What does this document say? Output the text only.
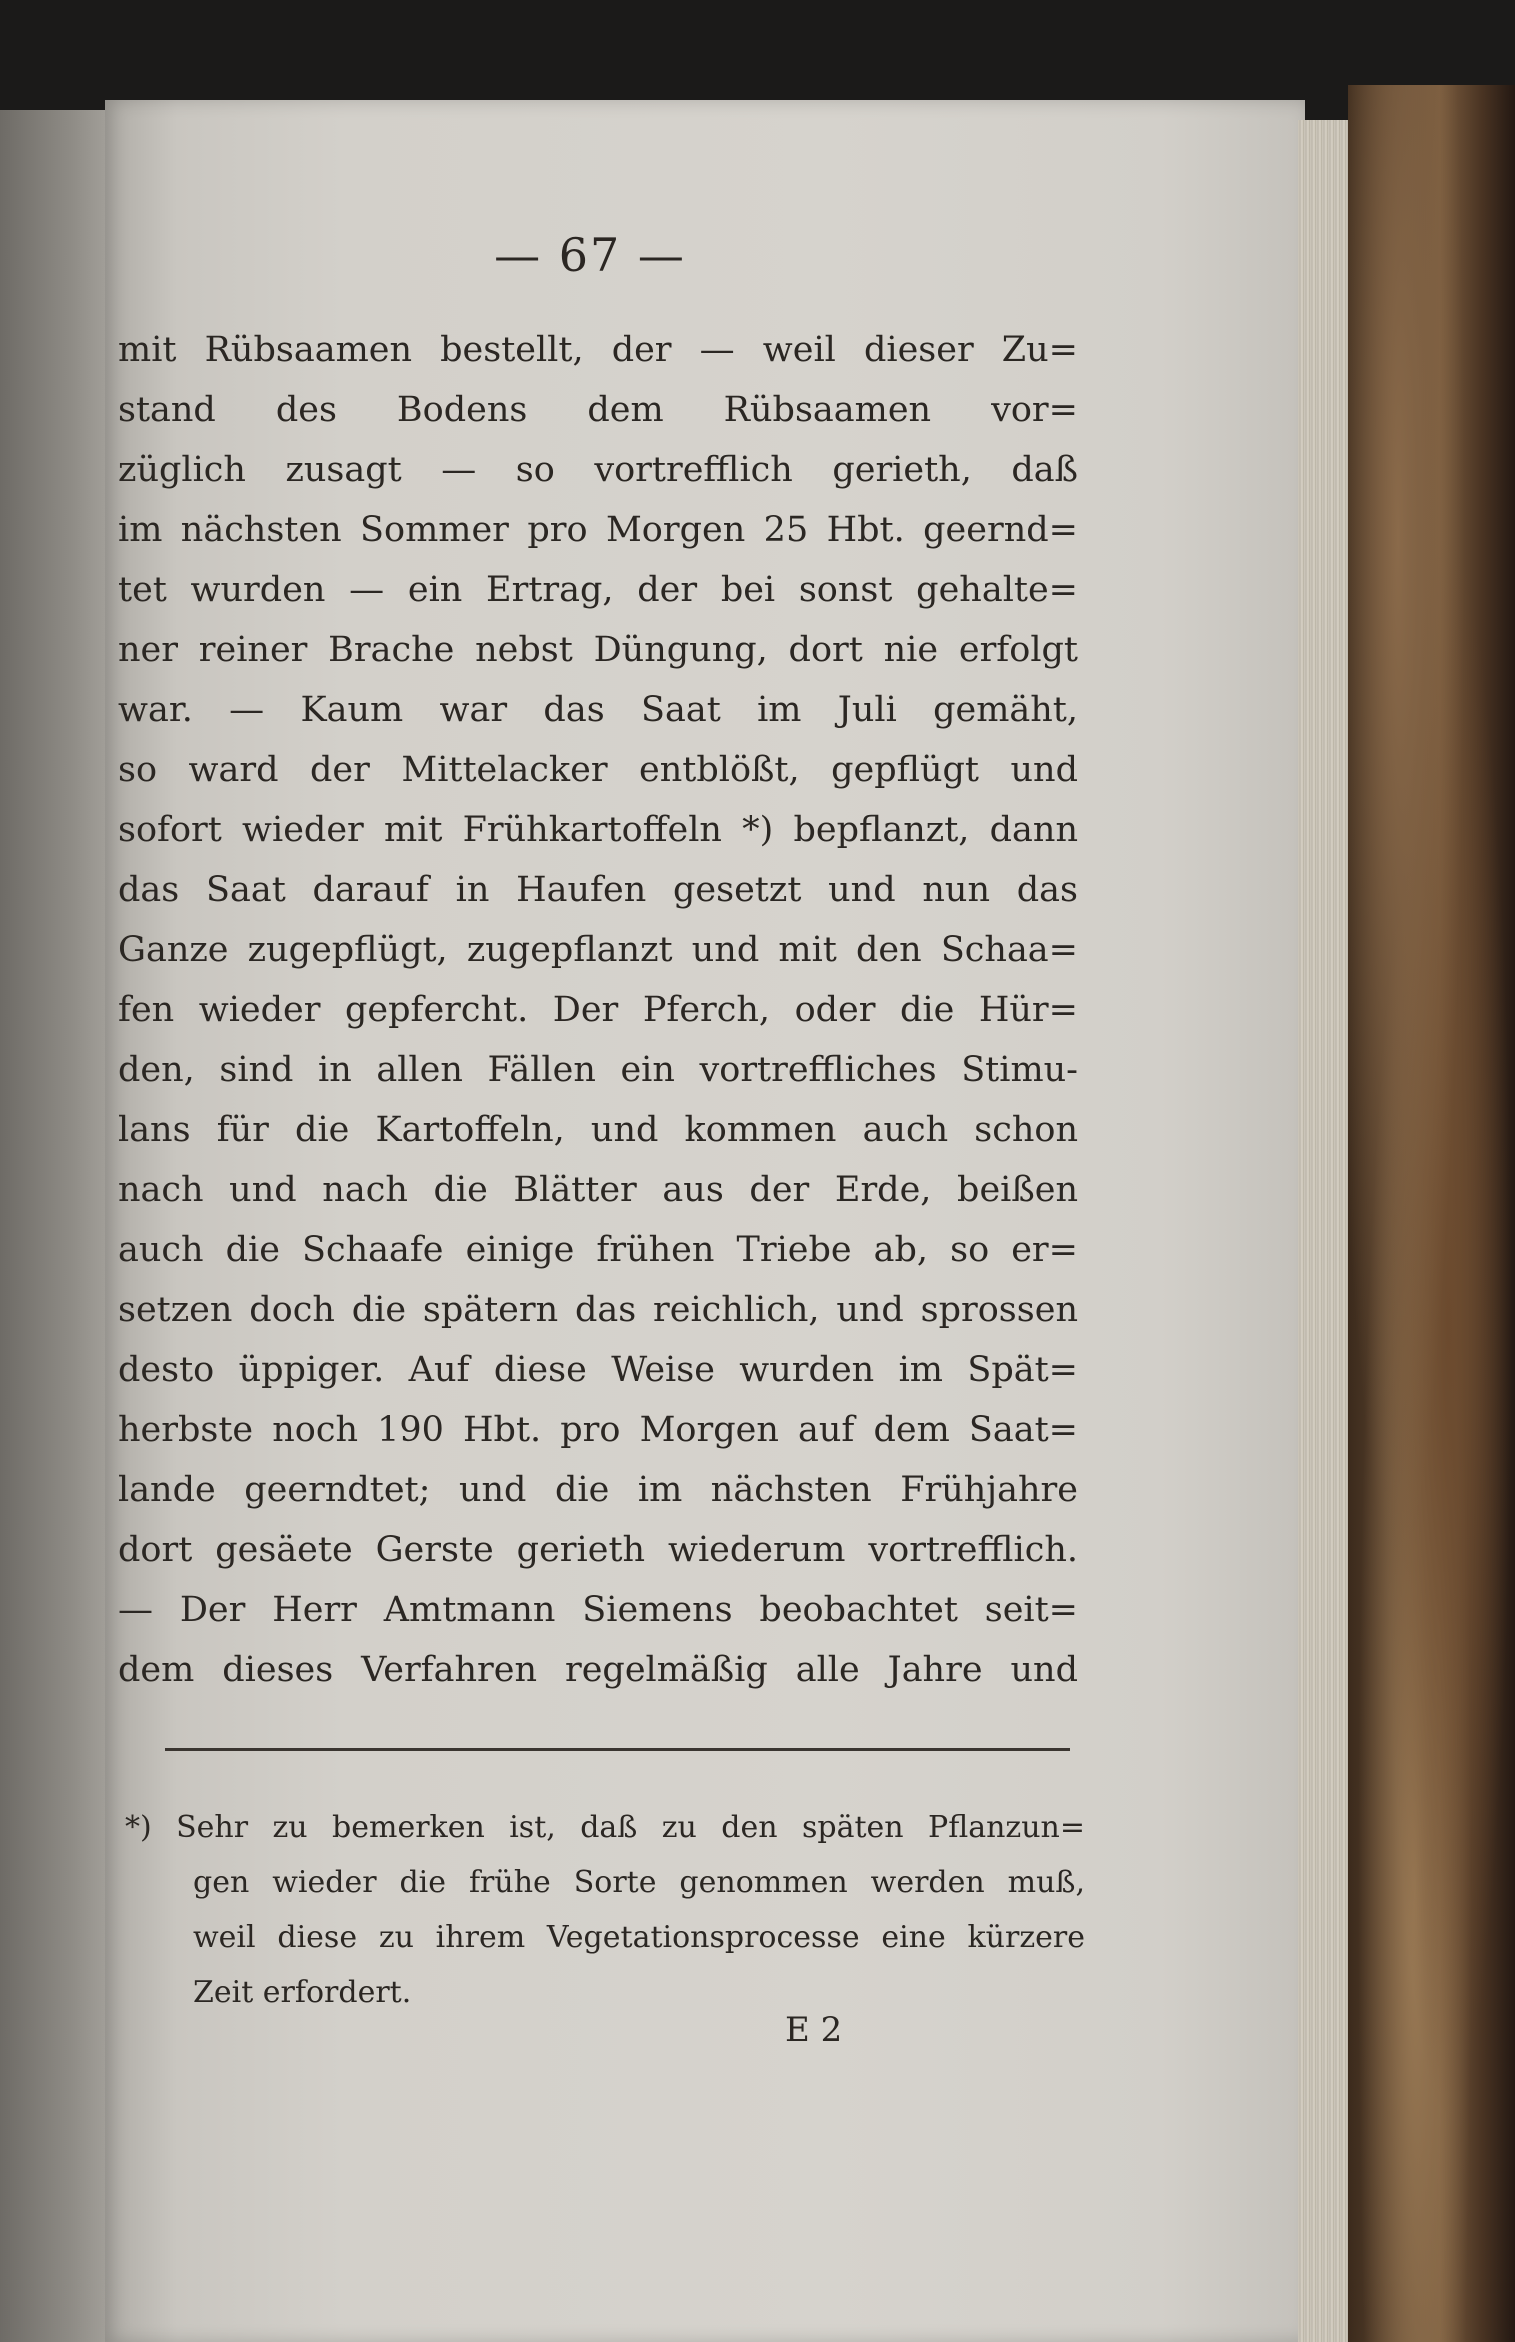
— 67 —
mit Rübsaamen bestellt, der — weil dieser Zu=
stand des Bodens dem Rübsaamen vor=
züglich zusagt — so vortrefflich gerieth, daß
im nächsten Sommer pro Morgen 25 Hbt. geernd=
tet wurden — ein Ertrag, der bei sonst gehalte=
ner reiner Brache nebst Düngung, dort nie erfolgt
war. — Kaum war das Saat im Juli gemäht,
so ward der Mittelacker entblößt, gepflügt und
sofort wieder mit Frühkartoffeln *) bepflanzt, dann
das Saat darauf in Haufen gesetzt und nun das
Ganze zugepflügt, zugepflanzt und mit den Schaa=
fen wieder gepfercht. Der Pferch, oder die Hür=
den, sind in allen Fällen ein vortreffliches Stimu-
lans für die Kartoffeln, und kommen auch schon
nach und nach die Blätter aus der Erde, beißen
auch die Schaafe einige frühen Triebe ab, so er=
setzen doch die spätern das reichlich, und sprossen
desto üppiger. Auf diese Weise wurden im Spät=
herbste noch 190 Hbt. pro Morgen auf dem Saat=
lande geerndtet; und die im nächsten Frühjahre
dort gesäete Gerste gerieth wiederum vortrefflich.
— Der Herr Amtmann Siemens beobachtet seit=
dem dieses Verfahren regelmäßig alle Jahre und
*) Sehr zu bemerken ist, daß zu den späten Pflanzun=
gen wieder die frühe Sorte genommen werden muß,
weil diese zu ihrem Vegetationsprocesse eine kürzere
Zeit erfordert.
E 2
